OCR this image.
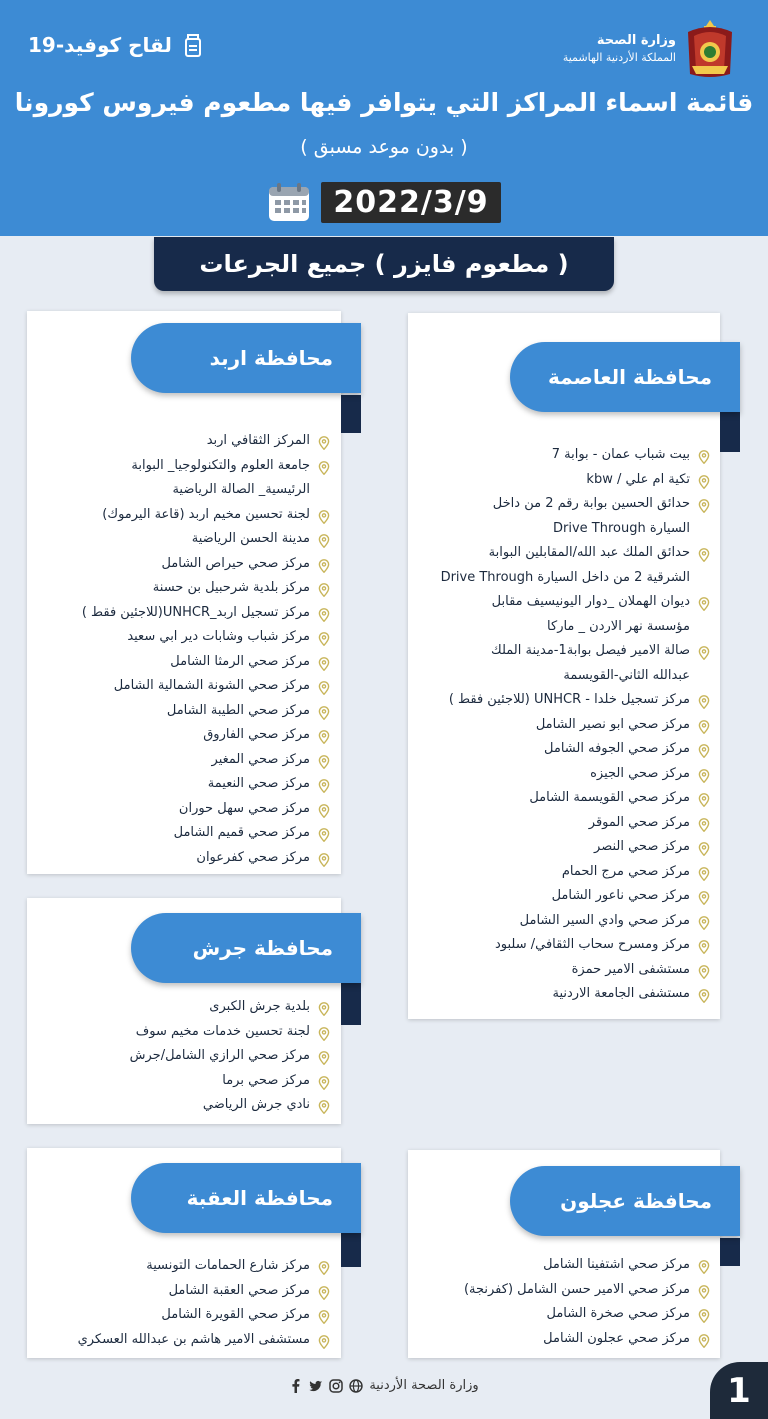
وزارة الصحة
المملكة الأردنية الهاشمية
لقاح كوفيد-19
قائمة اسماء المراكز التي يتوافر فيها مطعوم فيروس كورونا
( بدون موعد مسبق )
2022/3/9
( مطعوم فايزر ) جميع الجرعات
محافظة العاصمة
بيت شباب عمان - بوابة 7
تكية ام علي / kbw
حدائق الحسين بوابة رقم 2 من داخل
السيارة Drive Through
حدائق الملك عبد الله/المقابلين البوابة
الشرقية 2 من داخل السيارة Drive Through
ديوان الهملان _دوار اليونيسيف مقابل
مؤسسة نهر الاردن _ ماركا
صالة الامير فيصل بوابة1-مدينة الملك
عبدالله الثاني-القويسمة
مركز تسجيل خلدا - UNHCR (للاجئين فقط )
مركز صحي ابو نصير الشامل
مركز صحي الجوفه الشامل
مركز صحي الجيزه
مركز صحي القويسمة الشامل
مركز صحي الموقر
مركز صحي النصر
مركز صحي مرج الحمام
مركز صحي ناعور الشامل
مركز صحي وادي السير الشامل
مركز ومسرح سحاب الثقافي/ سلبود
مستشفى الامير حمزة
مستشفى الجامعة الاردنية
محافظة اربد
المركز الثقافي اربد
جامعة العلوم والتكنولوجيا_ البوابة
الرئيسية_ الصالة الرياضية
لجنة تحسين مخيم اربد (قاعة اليرموك)
مدينة الحسن الرياضية
مركز صحي حيراص الشامل
مركز بلدية شرحبيل بن حسنة
مركز تسجيل اربد_UNHCR(للاجئين فقط )
مركز شباب وشابات دير ابي سعيد
مركز صحي الرمثا الشامل
مركز صحي الشونة الشمالية الشامل
مركز صحي الطيبة الشامل
مركز صحي الفاروق
مركز صحي المغير
مركز صحي النعيمة
مركز صحي سهل حوران
مركز صحي قميم الشامل
مركز صحي كفرعوان
محافظة جرش
بلدية جرش الكبرى
لجنة تحسين خدمات مخيم سوف
مركز صحي الرازي الشامل/جرش
مركز صحي برما
نادي جرش الرياضي
محافظة العقبة
مركز شارع الحمامات التونسية
مركز صحي العقبة الشامل
مركز صحي القويرة الشامل
مستشفى الامير هاشم بن عبدالله العسكري
محافظة عجلون
مركز صحي اشتفينا الشامل
مركز صحي الامير حسن الشامل (كفرنجة)
مركز صحي صخرة الشامل
مركز صحي عجلون الشامل
وزارة الصحة الأردنية	1
